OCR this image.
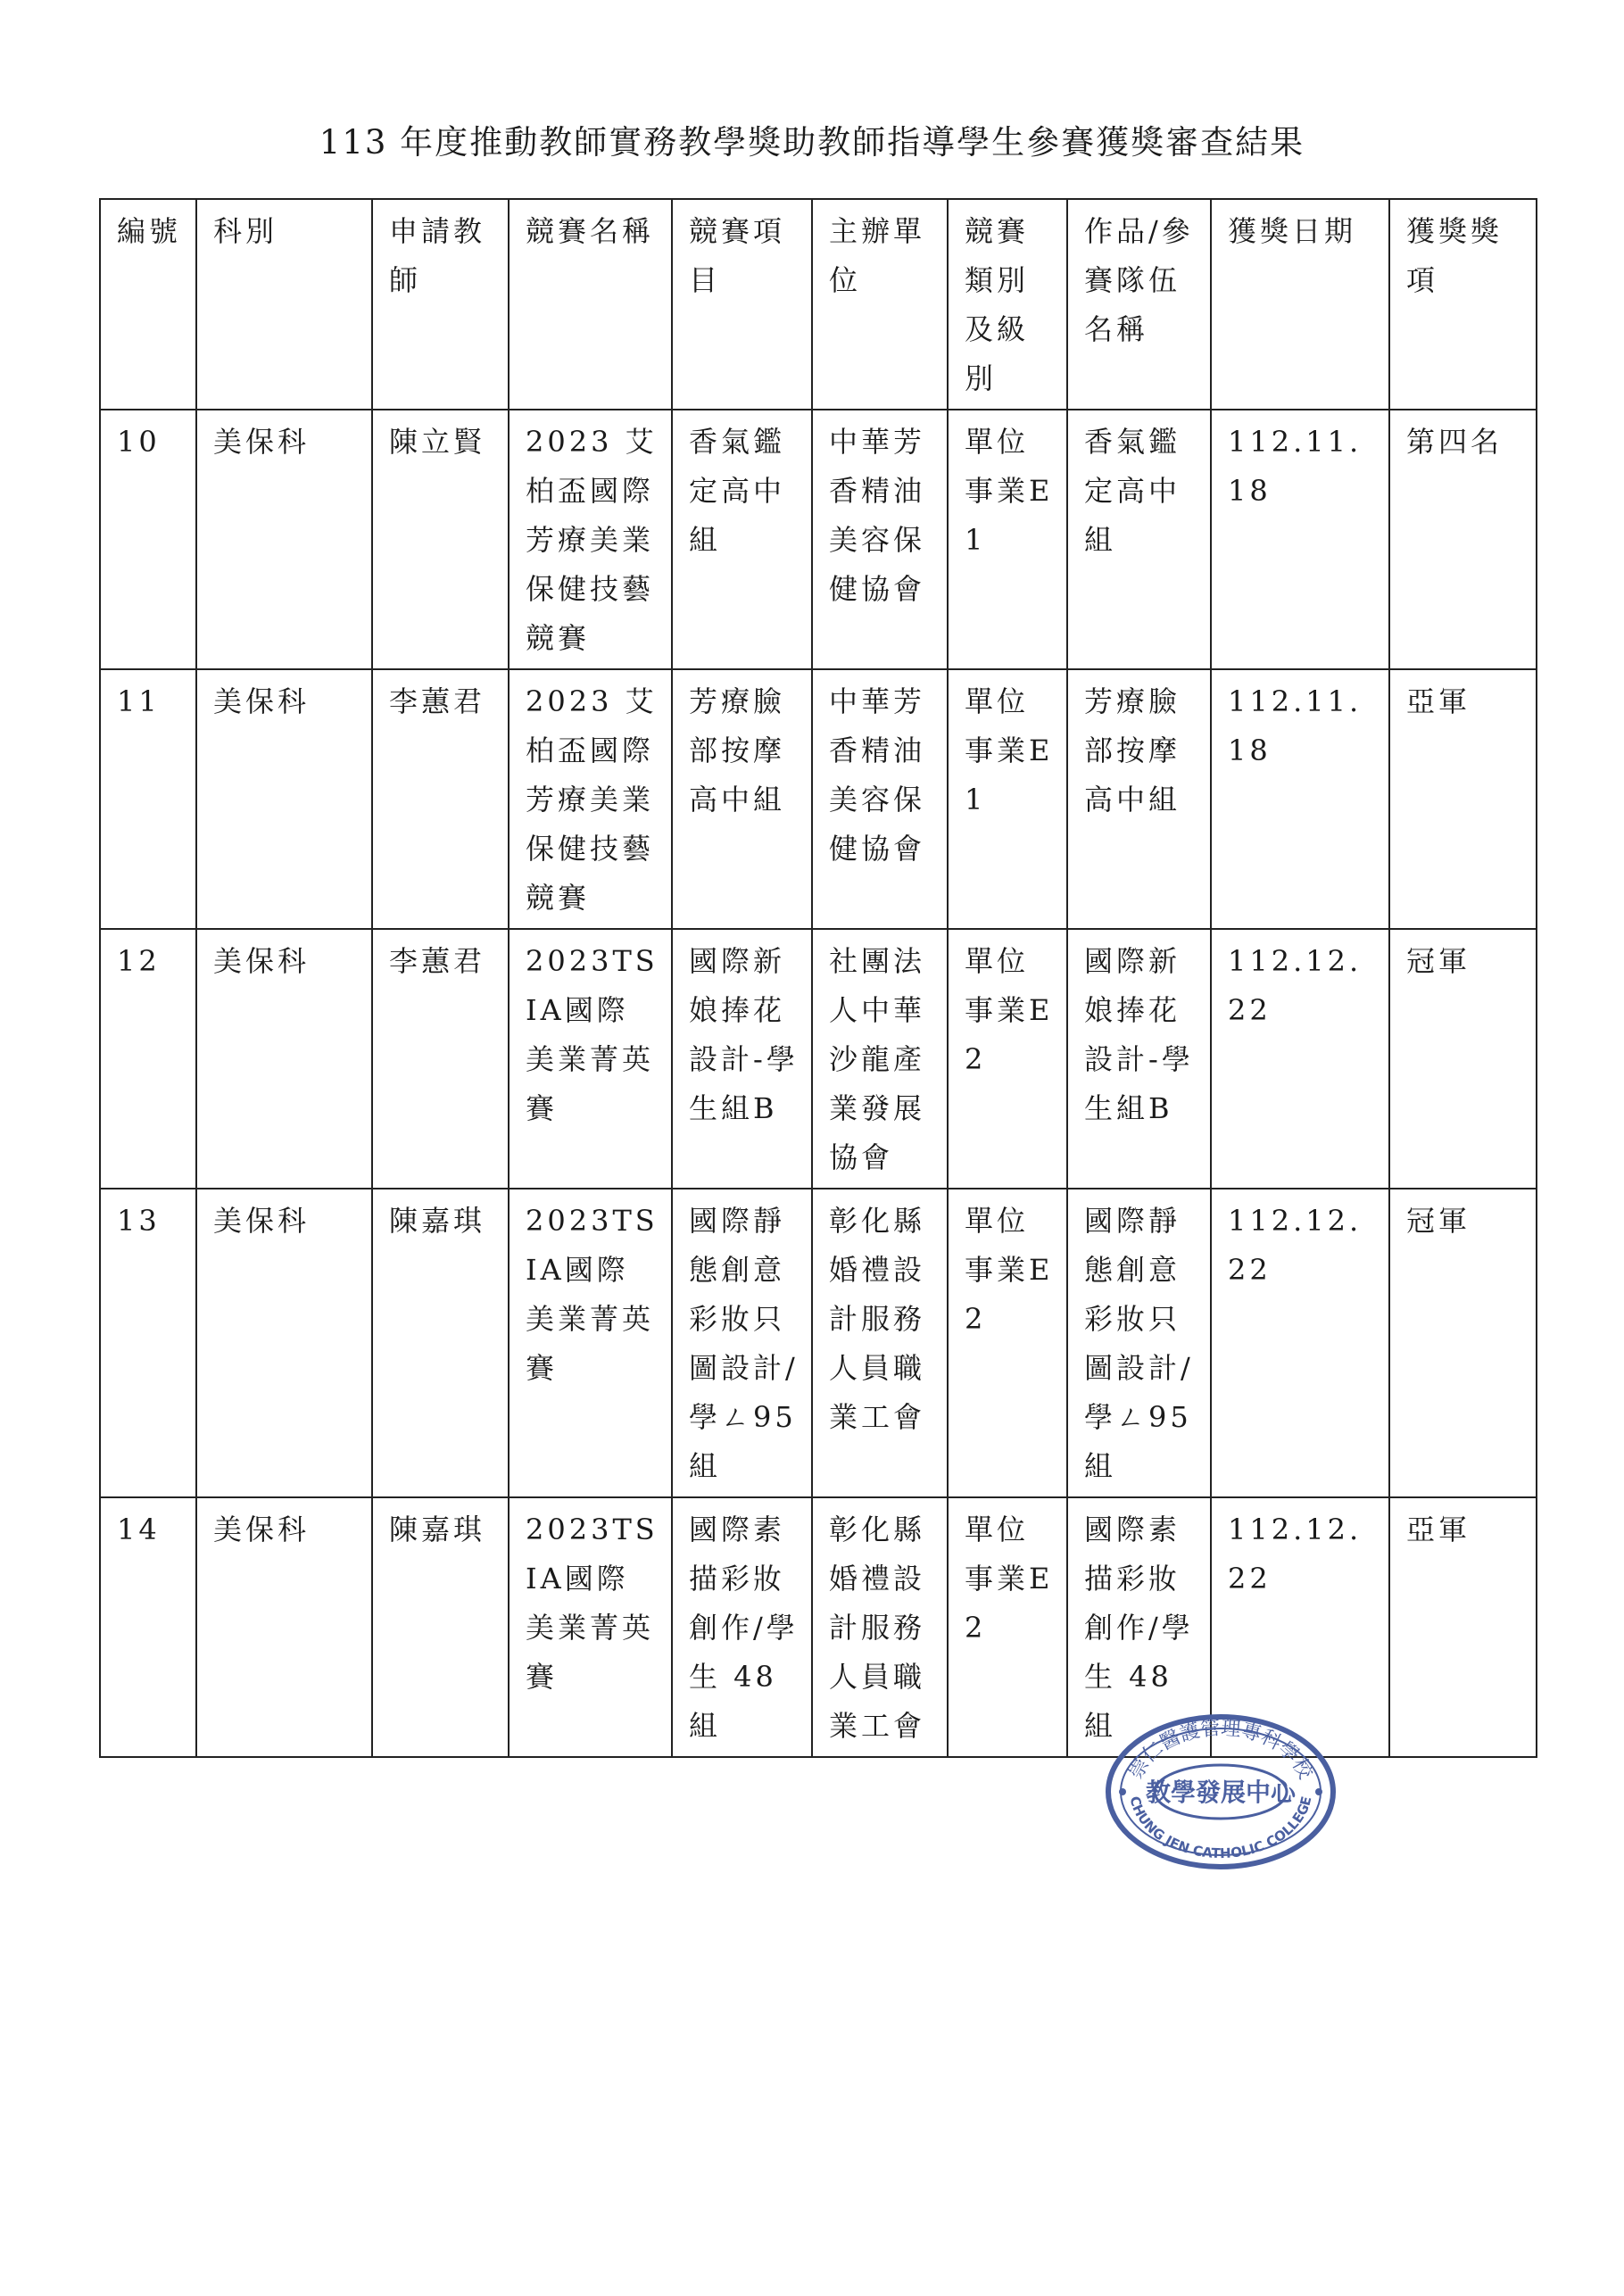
113 年度推動教師實務教學獎助教師指導學生參賽獲獎審查結果
編號	科別	申請教師	競賽名稱	競賽項目	主辦單位	競賽類別及級別	作品/參賽隊伍名稱	獲獎日期	獲獎獎項
10	美保科	陳立賢	2023 艾柏盃國際芳療美業保健技藝競賽	香氣鑑定高中組	中華芳香精油美容保健協會	單位事業E1	香氣鑑定高中組	112.11.18	第四名
11	美保科	李蕙君	2023 艾柏盃國際芳療美業保健技藝競賽	芳療臉部按摩高中組	中華芳香精油美容保健協會	單位事業E1	芳療臉部按摩高中組	112.11.18	亞軍
12	美保科	李蕙君	2023TSIA國際美業菁英賽	國際新娘捧花設計-學生組B	社團法人中華沙龍產業發展協會	單位事業E2	國際新娘捧花設計-學生組B	112.12.22	冠軍
13	美保科	陳嘉琪	2023TSIA國際美業菁英賽	國際靜態創意彩妝只圖設計/學ㄥ95 組	彰化縣婚禮設計服務人員職業工會	單位事業E2	國際靜態創意彩妝只圖設計/學ㄥ95 組	112.12.22	冠軍
14	美保科	陳嘉琪	2023TSIA國際美業菁英賽	國際素描彩妝創作/學生 48 組	彰化縣婚禮設計服務人員職業工會	單位事業E2	國際素描彩妝創作/學生 48 組	112.12.22	亞軍
崇仁醫護管理專科學校
教學發展中心
CHUNG JEN CATHOLIC COLLEGE
